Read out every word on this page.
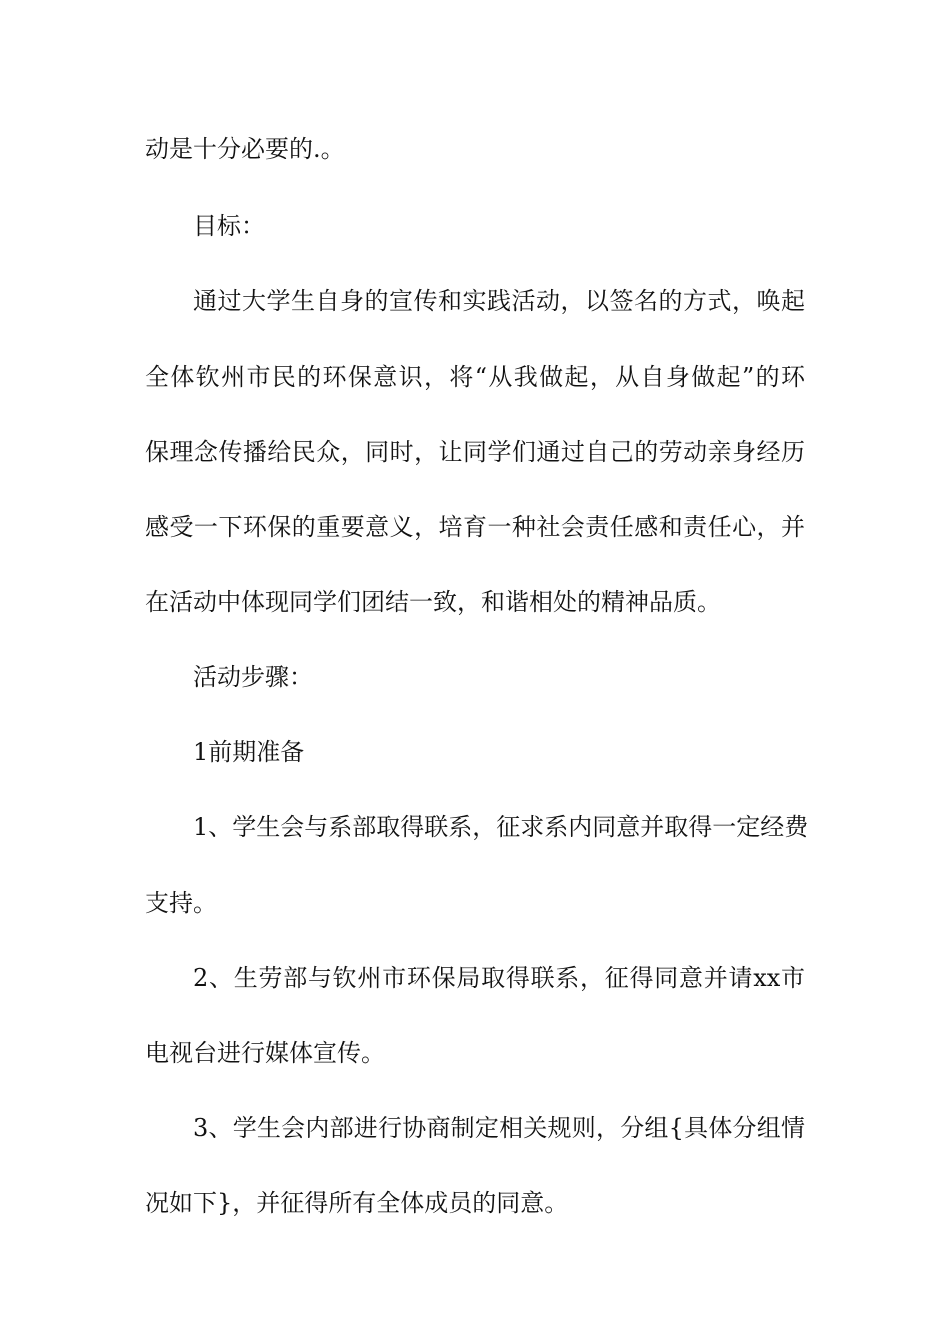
动是十分必要的.。
目标：
通过大学生自身的宣传和实践活动，以签名的方式，唤起
全体钦州市民的环保意识，将“从我做起，从自身做起”的环
保理念传播给民众，同时，让同学们通过自己的劳动亲身经历
感受一下环保的重要意义，培育一种社会责任感和责任心，并
在活动中体现同学们团结一致，和谐相处的精神品质。
活动步骤：
1前期准备
1、学生会与系部取得联系，征求系内同意并取得一定经费
支持。
2、生劳部与钦州市环保局取得联系，征得同意并请xx市
电视台进行媒体宣传。
3、学生会内部进行协商制定相关规则，分组{具体分组情
况如下}，并征得所有全体成员的同意。
